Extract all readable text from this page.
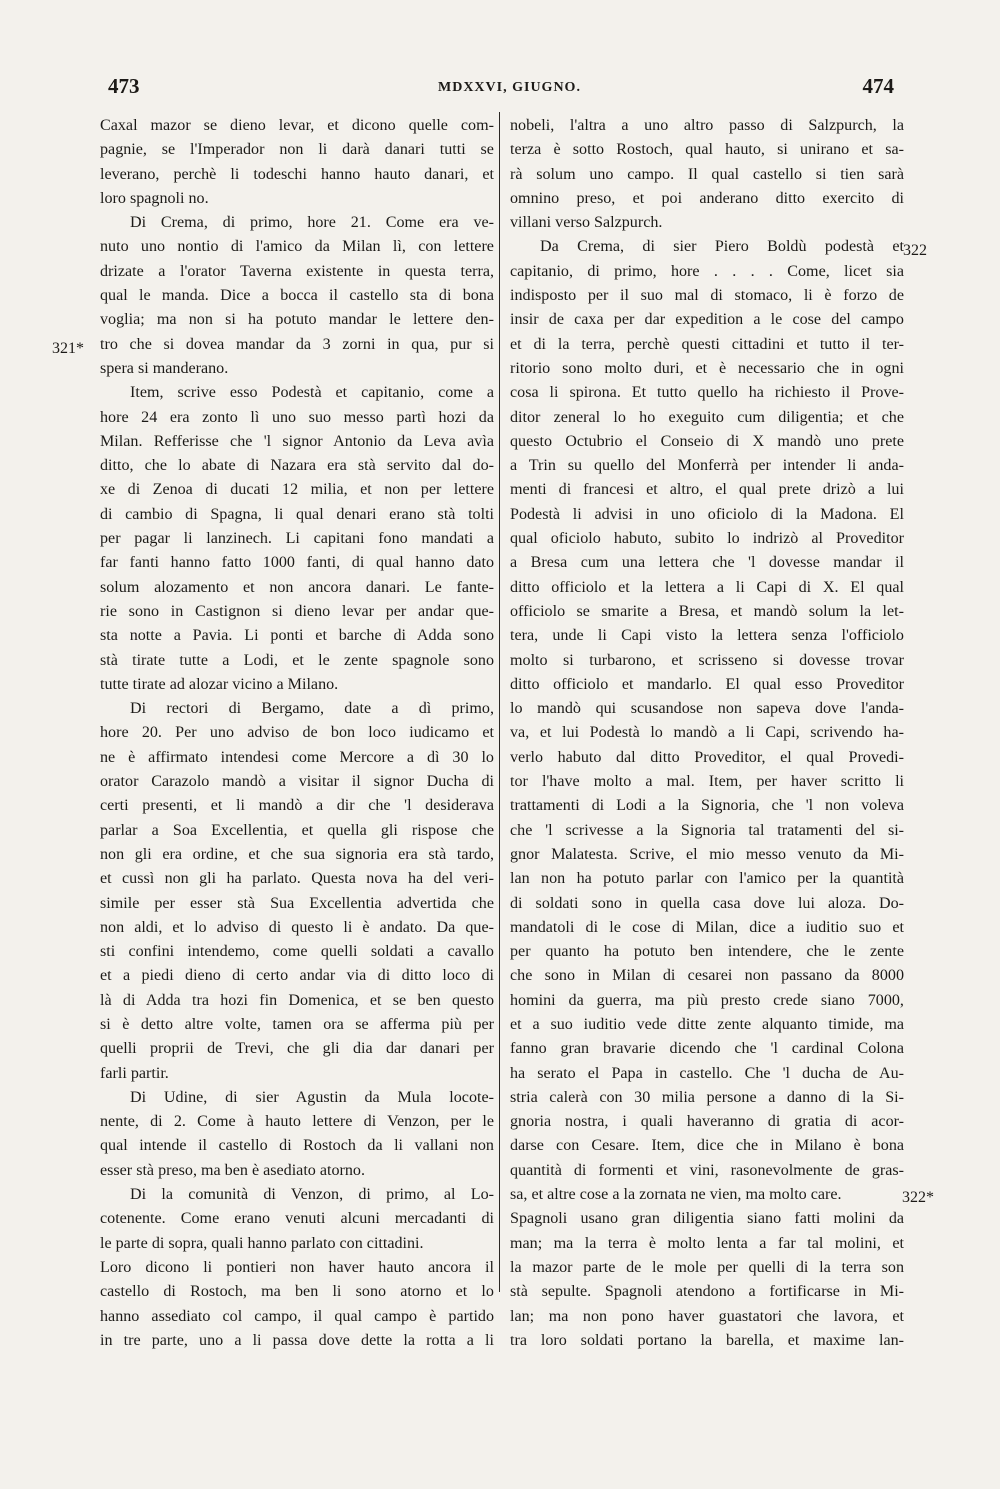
473	MDXXVI, GIUGNO.	474
321*
322
322*
Caxal mazor se dieno levar, et dicono quelle com-
pagnie, se l'Imperador non li darà danari tutti se
leverano, perchè li todeschi hanno hauto danari, et
loro spagnoli no.
Di Crema, di primo, hore 21. Come era ve-
nuto uno nontio di l'amico da Milan lì, con lettere
drizate a l'orator Taverna existente in questa terra,
qual le manda. Dice a bocca il castello sta di bona
voglia; ma non si ha potuto mandar le lettere den-
tro che si dovea mandar da 3 zorni in qua, pur si
spera si manderano.
Item, scrive esso Podestà et capitanio, come a
hore 24 era zonto lì uno suo messo partì hozi da
Milan. Refferisse che 'l signor Antonio da Leva avìa
ditto, che lo abate di Nazara era stà servito dal do-
xe di Zenoa di ducati 12 milia, et non per lettere
di cambio di Spagna, li qual denari erano stà tolti
per pagar li lanzinech. Li capitani fono mandati a
far fanti hanno fatto 1000 fanti, di qual hanno dato
solum alozamento et non ancora danari. Le fante-
rie sono in Castignon si dieno levar per andar que-
sta notte a Pavia. Li ponti et barche di Adda sono
stà tirate tutte a Lodi, et le zente spagnole sono
tutte tirate ad alozar vicino a Milano.
Di rectori di Bergamo, date a dì primo,
hore 20. Per uno adviso de bon loco iudicamo et
ne è affirmato intendesi come Mercore a dì 30 lo
orator Carazolo mandò a visitar il signor Ducha di
certi presenti, et li mandò a dir che 'l desiderava
parlar a Soa Excellentia, et quella gli rispose che
non gli era ordine, et che sua signoria era stà tardo,
et cussì non gli ha parlato. Questa nova ha del veri-
simile per esser stà Sua Excellentia advertida che
non aldi, et lo adviso di questo li è andato. Da que-
sti confini intendemo, come quelli soldati a cavallo
et a piedi dieno di certo andar via di ditto loco di
là di Adda tra hozi fin Domenica, et se ben questo
si è detto altre volte, tamen ora se afferma più per
quelli proprii de Trevi, che gli dia dar danari per
farli partir.
Di Udine, di sier Agustin da Mula locote-
nente, di 2. Come à hauto lettere di Venzon, per le
qual intende il castello di Rostoch da li vallani non
esser stà preso, ma ben è asediato atorno.
Di la comunità di Venzon, di primo, al Lo-
cotenente. Come erano venuti alcuni mercadanti di
le parte di sopra, quali hanno parlato con cittadini.
Loro dicono li pontieri non haver hauto ancora il
castello di Rostoch, ma ben li sono atorno et lo
hanno assediato col campo, il qual campo è partido
in tre parte, uno a li passa dove dette la rotta a li
nobeli, l'altra a uno altro passo di Salzpurch, la
terza è sotto Rostoch, qual hauto, si unirano et sa-
rà solum uno campo. Il qual castello si tien sarà
omnino preso, et poi anderano ditto exercito di
villani verso Salzpurch.
Da Crema, di sier Piero Boldù podestà et
capitanio, di primo, hore . . . . Come, licet sia
indisposto per il suo mal di stomaco, li è forzo de
insir de caxa per dar expedition a le cose del campo
et di la terra, perchè questi cittadini et tutto il ter-
ritorio sono molto duri, et è necessario che in ogni
cosa li spirona. Et tutto quello ha richiesto il Prove-
ditor zeneral lo ho exeguito cum diligentia; et che
questo Octubrio el Conseio di X mandò uno prete
a Trin su quello del Monferrà per intender li anda-
menti di francesi et altro, el qual prete drizò a lui
Podestà li advisi in uno oficiolo di la Madona. El
qual oficiolo habuto, subito lo indrizò al Proveditor
a Bresa cum una lettera che 'l dovesse mandar il
ditto officiolo et la lettera a li Capi di X. El qual
officiolo se smarite a Bresa, et mandò solum la let-
tera, unde li Capi visto la lettera senza l'officiolo
molto si turbarono, et scrisseno si dovesse trovar
ditto officiolo et mandarlo. El qual esso Proveditor
lo mandò qui scusandose non sapeva dove l'anda-
va, et lui Podestà lo mandò a li Capi, scrivendo ha-
verlo habuto dal ditto Proveditor, el qual Provedi-
tor l'have molto a mal. Item, per haver scritto li
trattamenti di Lodi a la Signoria, che 'l non voleva
che 'l scrivesse a la Signoria tal tratamenti del si-
gnor Malatesta. Scrive, el mio messo venuto da Mi-
lan non ha potuto parlar con l'amico per la quantità
di soldati sono in quella casa dove lui aloza. Do-
mandatoli di le cose di Milan, dice a iuditio suo et
per quanto ha potuto ben intendere, che le zente
che sono in Milan di cesarei non passano da 8000
homini da guerra, ma più presto crede siano 7000,
et a suo iuditio vede ditte zente alquanto timide, ma
fanno gran bravarie dicendo che 'l cardinal Colona
ha serato el Papa in castello. Che 'l ducha de Au-
stria calerà con 30 milia persone a danno di la Si-
gnoria nostra, i quali haveranno di gratia di acor-
darse con Cesare. Item, dice che in Milano è bona
quantità di formenti et vini, rasonevolmente de gras-
sa, et altre cose a la zornata ne vien, ma molto care.
Spagnoli usano gran diligentia siano fatti molini da
man; ma la terra è molto lenta a far tal molini, et
la mazor parte de le mole per quelli di la terra son
stà sepulte. Spagnoli atendono a fortificarse in Mi-
lan; ma non pono haver guastatori che lavora, et
tra loro soldati portano la barella, et maxime lan-
